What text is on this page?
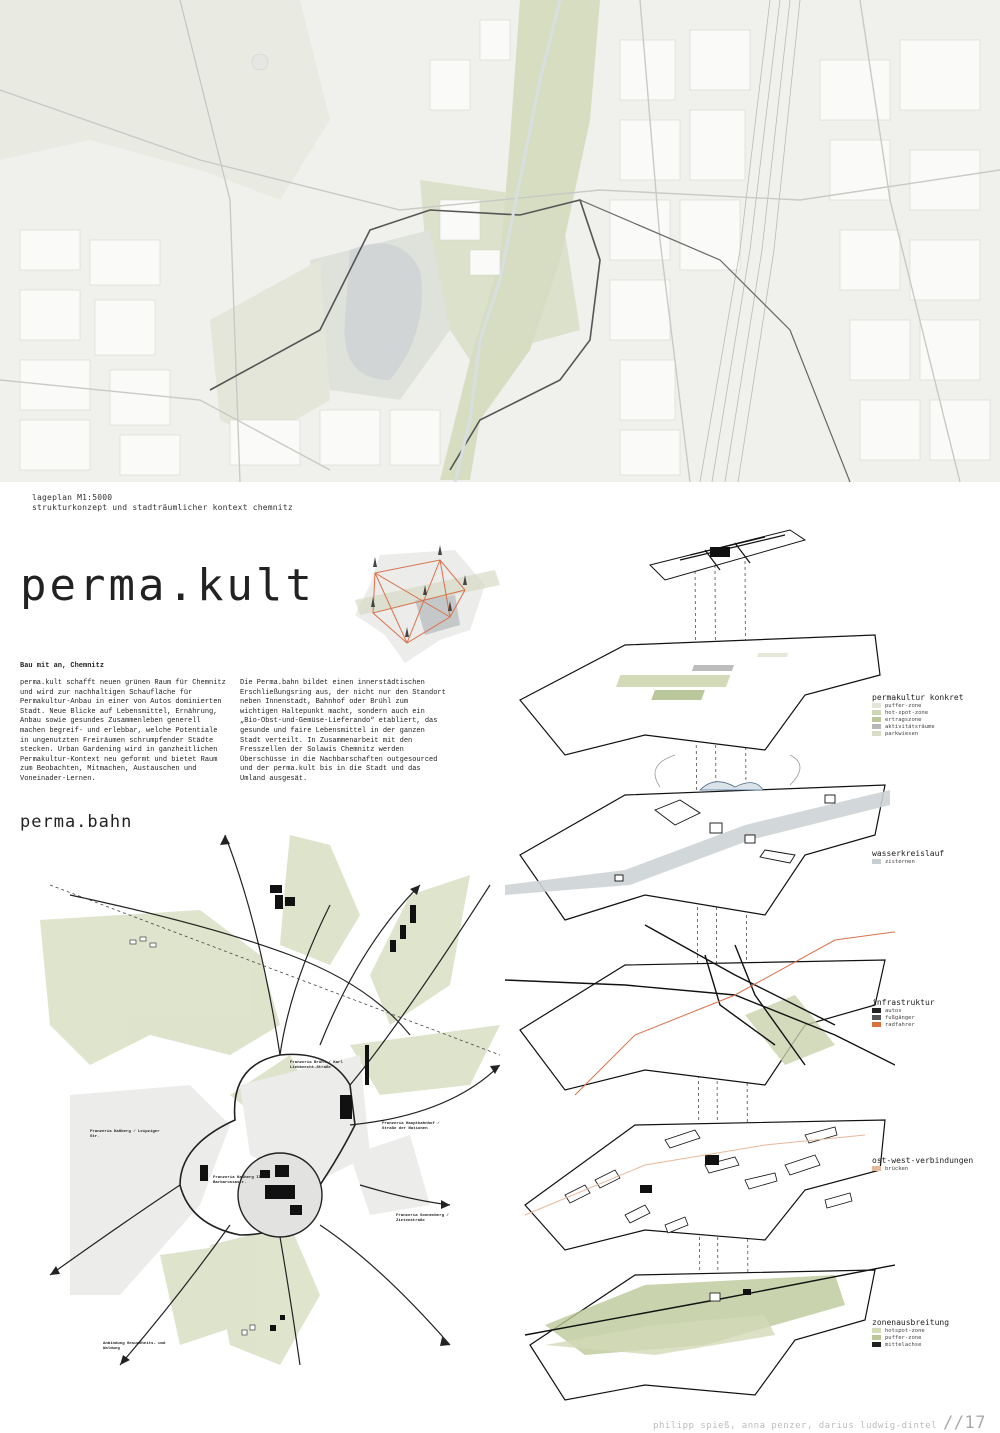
lageplan M1:5000
strukturkonzept und stadträumlicher kontext chemnitz
perma.kult
Bau mit an, Chemnitz
perma.kult schafft neuen grünen Raum für Chemnitz und wird zur nachhaltigen Schaufläche für Permakultur-Anbau in einer von Autos dominierten Stadt. Neue Blicke auf Lebensmittel, Ernährung, Anbau sowie gesundes Zusammenleben generell machen begreif- und erlebbar, welche Potentiale in ungenutzten Freiräumen schrumpfender Städte stecken. Urban Gardening wird in ganzheitlichen Permakultur-Kontext neu geformt und bietet Raum zum Beobachten, Mitmachen, Austauschen und Voneinader-Lernen.
Die Perma.bahn bildet einen innerstädtischen Erschließungsring aus, der nicht nur den Standort neben Innenstadt, Bahnhof oder Brühl zum wichtigen Haltepunkt macht, sondern auch ein „Bio-Obst-und-Gemüse-Lieferando“ etabliert, das gesunde und faire Lebensmittel in der ganzen Stadt verteilt. In Zusammenarbeit mit den Fresszellen der Solawis Chemnitz werden Überschüsse in die Nachbarschaften outgesourced und der perma.kult bis in die Stadt und das Umland ausgesät.
perma.bahn
Franzeria Brühl / Karl Liebknecht-Straße
Franzeria Hauptbahnhof / Straße der Nationen
Franzeria Sonnenberg / Zietenstraße
Franzeria Kaßberg / Leipziger Str.
Franzeria Kaßberg II / Barbarossastr.
Anbindung Gesundheits- und Waldweg
permakultur konkret
puffer-zone
hot-spot-zone
ertragszone
aktivitätsräume
parkwiesen
wasserkreislauf
zisternen
infrastruktur
autos
fußgänger
radfahrer
ost-west-verbindungen
brücken
zonenausbreitung
hotspot-zone
puffer-zone
mittelachse
philipp spieß, anna penzer, darius ludwig-dintel //17
